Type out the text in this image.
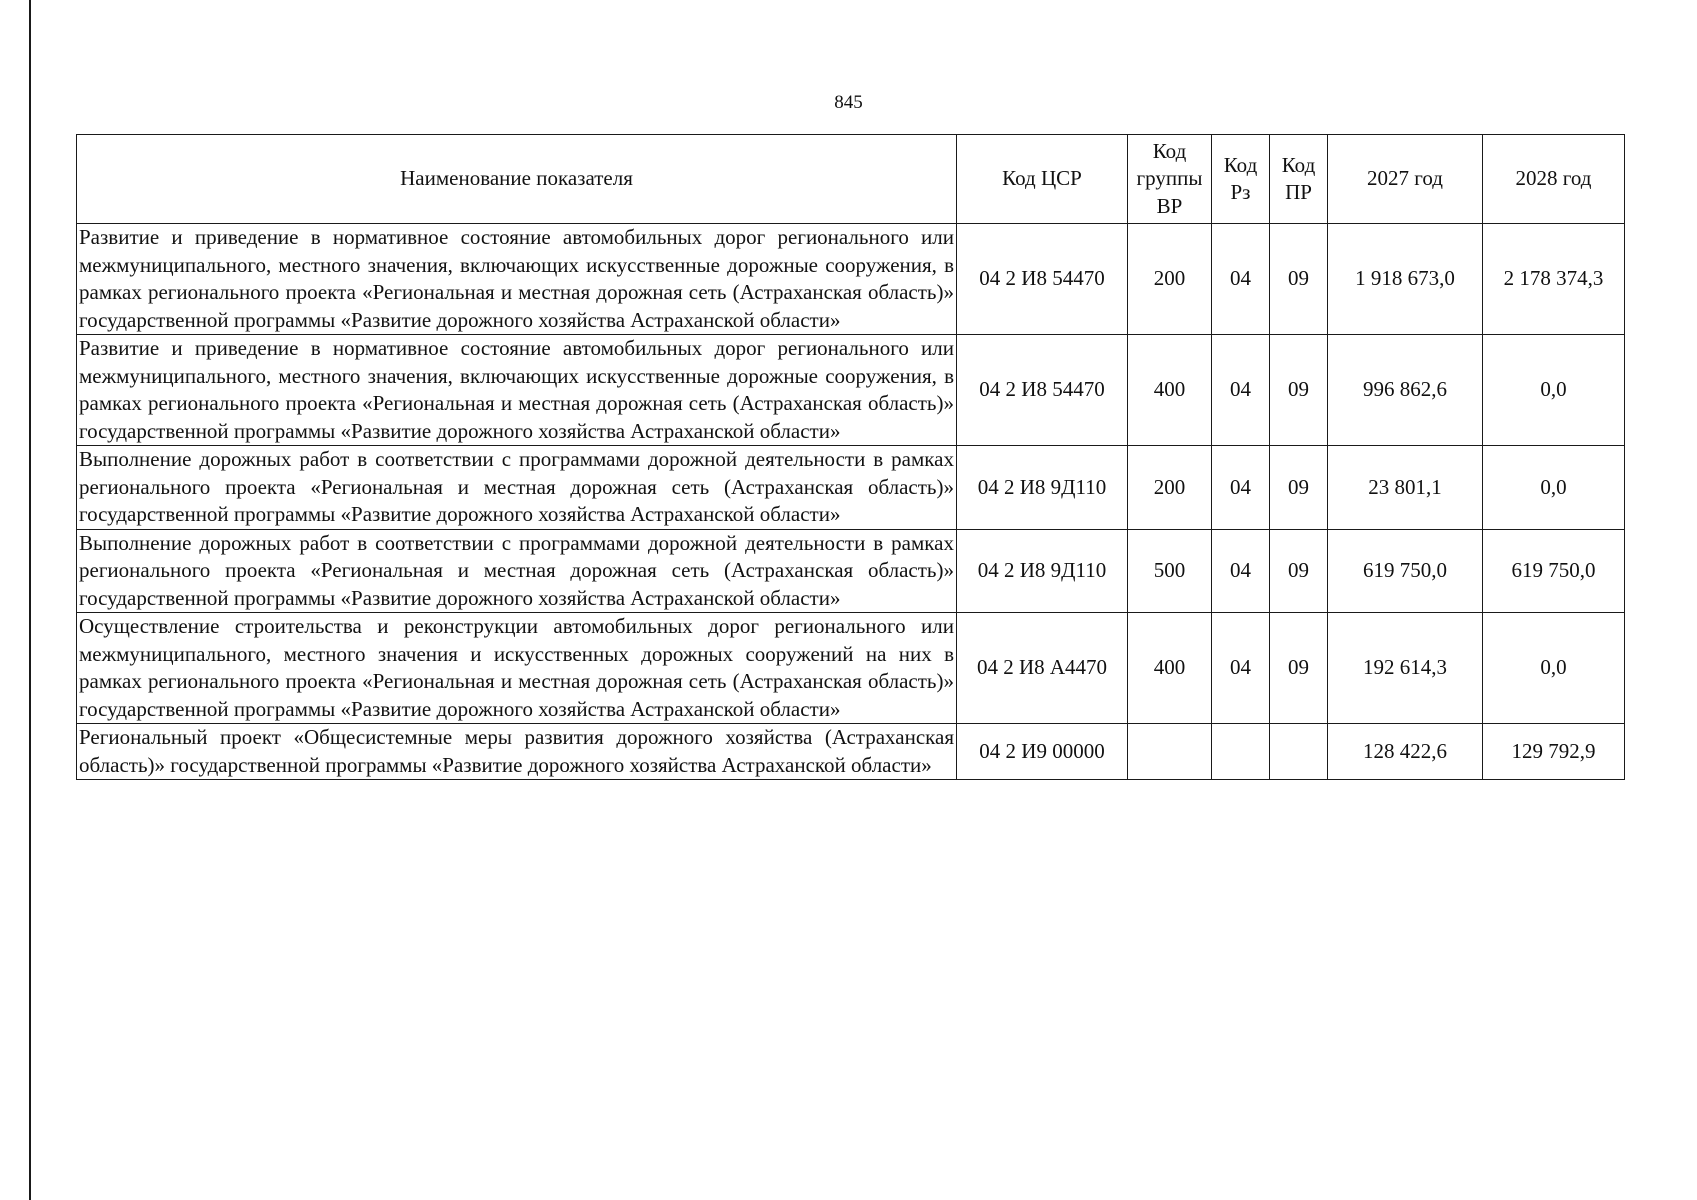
845
Наименование показателя	Код ЦСР	Код группы ВР	Код Рз	Код ПР	2027 год	2028 год
Развитие и приведение в нормативное состояние автомобильных дорог регионального или межмуниципального, местного значения, включающих искусственные дорожные сооружения, в рамках регионального проекта «Региональная и местная дорожная сеть (Астраханская область)» государственной программы «Развитие дорожного хозяйства Астраханской области»	04 2 И8 54470	200	04	09	1 918 673,0	2 178 374,3
Развитие и приведение в нормативное состояние автомобильных дорог регионального или межмуниципального, местного значения, включающих искусственные дорожные сооружения, в рамках регионального проекта «Региональная и местная дорожная сеть (Астраханская область)» государственной программы «Развитие дорожного хозяйства Астраханской области»	04 2 И8 54470	400	04	09	996 862,6	0,0
Выполнение дорожных работ в соответствии с программами дорожной деятельности в рамках регионального проекта «Региональная и местная дорожная сеть (Астраханская область)» государственной программы «Развитие дорожного хозяйства Астраханской области»	04 2 И8 9Д110	200	04	09	23 801,1	0,0
Выполнение дорожных работ в соответствии с программами дорожной деятельности в рамках регионального проекта «Региональная и местная дорожная сеть (Астраханская область)» государственной программы «Развитие дорожного хозяйства Астраханской области»	04 2 И8 9Д110	500	04	09	619 750,0	619 750,0
Осуществление строительства и реконструкции автомобильных дорог регионального или межмуниципального, местного значения и искусственных дорожных сооружений на них в рамках регионального проекта «Региональная и местная дорожная сеть (Астраханская область)» государственной программы «Развитие дорожного хозяйства Астраханской области»	04 2 И8 А4470	400	04	09	192 614,3	0,0
Региональный проект «Общесистемные меры развития дорожного хозяйства (Астраханская область)» государственной программы «Развитие дорожного хозяйства Астраханской области»	04 2 И9 00000				128 422,6	129 792,9
